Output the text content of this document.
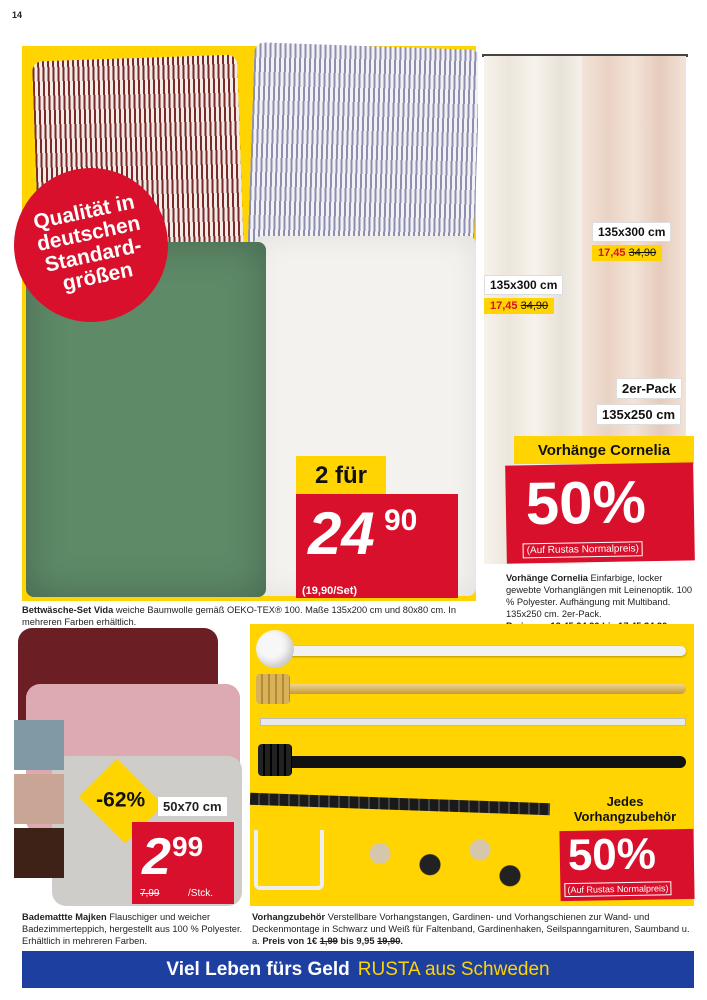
14
Qualität in deutschen Standard-größen
2 für
24 90
(19,90/Set)
Bettwäsche-Set Vida weiche Baumwolle gemäß OEKO-TEX® 100. Maße 135x200 cm und 80x80 cm. In mehreren Farben erhältlich.
135x300 cm
17,45 34,90
135x300 cm
17,45 34,90
2er-Pack
135x250 cm
Vorhänge Cornelia
50%
(Auf Rustas Normalpreis)
Vorhänge Cornelia Einfarbige, locker gewebte Vorhanglängen mit Leinenoptik. 100 % Polyester. Aufhängung mit Multiband. 135x250 cm. 2er-Pack.

-62%	50x70 cm
2 99
7,99	/Stck.
Bademattte Majken Flauschiger und weicher Badezimmerteppich, hergestellt aus 100 % Polyester. Erhältlich in mehreren Farben.
Jedes Vorhangzubehör
50%
(Auf Rustas Normalpreis)
Vorhangzubehör Verstellbare Vorhangstangen, Gardinen- und Vorhangschienen zur Wand- und Deckenmontage in Schwarz und Weiß für Faltenband, Gardinenhaken, Seilspanngarnituren, Saumband u. a. Preis von 1€ 1,99 bis 9,95 19,90.
Viel Leben fürs Geld RUSTA aus Schweden
